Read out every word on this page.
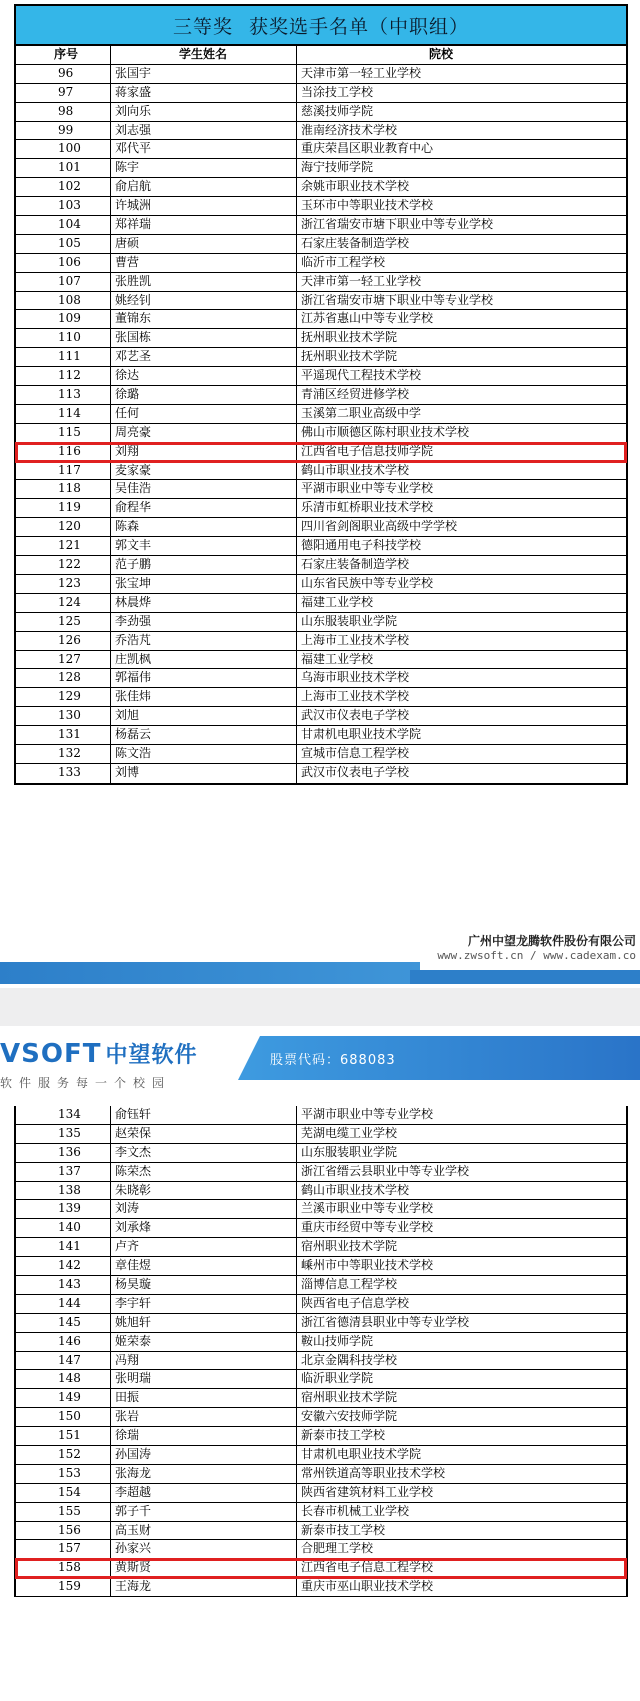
三等奖 获奖选手名单（中职组）
序号	学生姓名	院校
96	张国宇	天津市第一轻工业学校
97	蒋家盛	当涂技工学校
98	刘向乐	慈溪技师学院
99	刘志强	淮南经济技术学校
100	邓代平	重庆荣昌区职业教育中心
101	陈宇	海宁技师学院
102	俞启航	余姚市职业技术学校
103	许城洲	玉环市中等职业技术学校
104	郑祥瑞	浙江省瑞安市塘下职业中等专业学校
105	唐硕	石家庄装备制造学校
106	曹营	临沂市工程学校
107	张胜凯	天津市第一轻工业学校
108	姚经钊	浙江省瑞安市塘下职业中等专业学校
109	董锦东	江苏省惠山中等专业学校
110	张国栋	抚州职业技术学院
111	邓艺圣	抚州职业技术学院
112	徐达	平遥现代工程技术学校
113	徐璐	青浦区经贸进修学校
114	任何	玉溪第二职业高级中学
115	周亮豪	佛山市顺德区陈村职业技术学校
116	刘翔	江西省电子信息技师学院
117	麦家豪	鹤山市职业技术学校
118	吴佳浩	平湖市职业中等专业学校
119	俞程华	乐清市虹桥职业技术学校
120	陈森	四川省剑阁职业高级中学学校
121	郭文丰	德阳通用电子科技学校
122	范子鹏	石家庄装备制造学校
123	张宝坤	山东省民族中等专业学校
124	林晨烨	福建工业学校
125	李劲强	山东服装职业学院
126	乔浩芃	上海市工业技术学校
127	庄凯枫	福建工业学校
128	郭福伟	乌海市职业技术学校
129	张佳炜	上海市工业技术学校
130	刘旭	武汉市仪表电子学校
131	杨磊云	甘肃机电职业技术学院
132	陈文浩	宣城市信息工程学校
133	刘博	武汉市仪表电子学校
广州中望龙腾软件股份有限公司
www.zwsoft.cn / www.cadexam.co
VSOFT 中望软件
软件服务每一个校园
股票代码：688083
134	俞钰轩	平湖市职业中等专业学校
135	赵荣保	芜湖电缆工业学校
136	李文杰	山东服装职业学院
137	陈荣杰	浙江省缙云县职业中等专业学校
138	朱晓彰	鹤山市职业技术学校
139	刘涛	兰溪市职业中等专业学校
140	刘承烽	重庆市经贸中等专业学校
141	卢齐	宿州职业技术学院
142	章佳煜	嵊州市中等职业技术学校
143	杨昊璇	淄博信息工程学校
144	李宇轩	陕西省电子信息学校
145	姚旭轩	浙江省德清县职业中等专业学校
146	姬荣泰	鞍山技师学院
147	冯翔	北京金隅科技学校
148	张明瑞	临沂职业学院
149	田振	宿州职业技术学院
150	张岩	安徽六安技师学院
151	徐瑞	新泰市技工学校
152	孙国涛	甘肃机电职业技术学院
153	张海龙	常州铁道高等职业技术学校
154	李超越	陕西省建筑材料工业学校
155	郭子千	长春市机械工业学校
156	高玉财	新泰市技工学校
157	孙家兴	合肥理工学校
158	黄斯贤	江西省电子信息工程学校
159	王海龙	重庆市巫山职业技术学校
